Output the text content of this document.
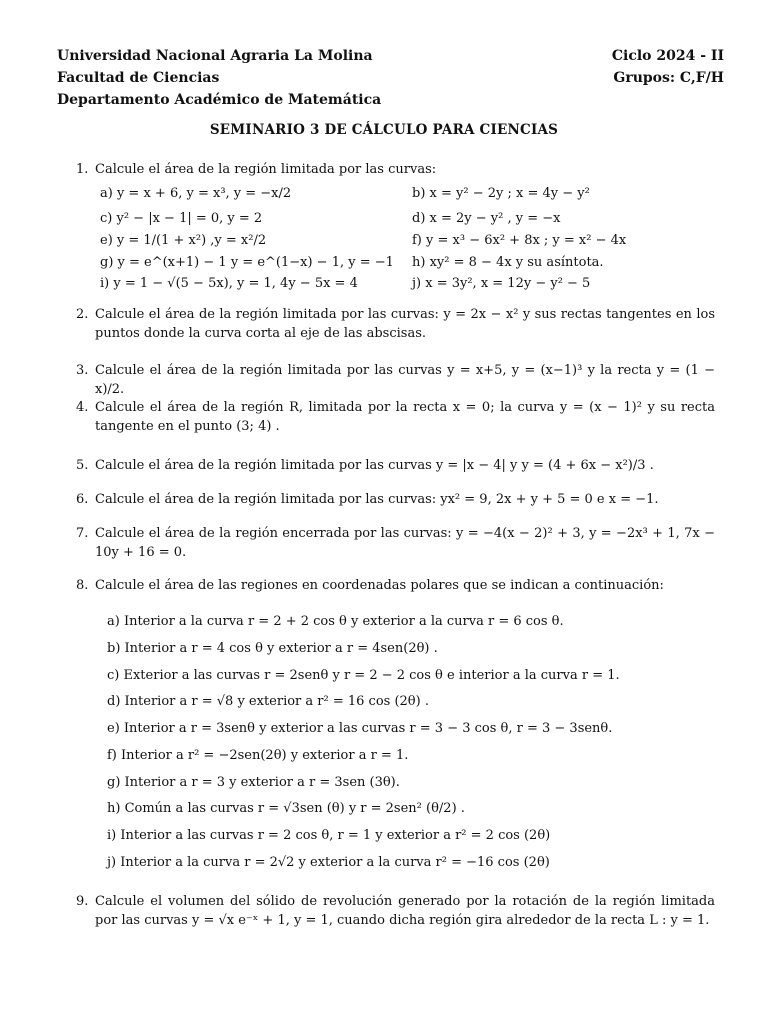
Universidad Nacional Agraria La Molina
Facultad de Ciencias
Departamento Académico de Matemática
Ciclo 2024 - II
Grupos: C,F/H
SEMINARIO 3 DE CÁLCULO PARA CIENCIAS
1. Calcule el área de la región limitada por las curvas:
a) y = x + 6, y = x³, y = −x/2
c) y² − |x − 1| = 0, y = 2
e) y = 1/(1 + x²) ,y = x²/2
g) y = e^(x+1) − 1 y = e^(1−x) − 1, y = −1
i) y = 1 − √(5 − 5x), y = 1, 4y − 5x = 4
b) x = y² − 2y ; x = 4y − y²
d) x = 2y − y² , y = −x
f) y = x³ − 6x² + 8x ; y = x² − 4x
h) xy² = 8 − 4x y su asíntota.
j) x = 3y², x = 12y − y² − 5
2. Calcule el área de la región limitada por las curvas: y = 2x − x² y sus rectas tangentes en los puntos donde la curva corta al eje de las abscisas.
3. Calcule el área de la región limitada por las curvas y = x+5, y = (x−1)³ y la recta y = (1 − x)/2.
4. Calcule el área de la región R, limitada por la recta x = 0; la curva y = (x − 1)² y su recta tangente en el punto (3; 4) .
5. Calcule el área de la región limitada por las curvas y = |x − 4| y y = (4 + 6x − x²)/3 .
6. Calcule el área de la región limitada por las curvas: yx² = 9, 2x + y + 5 = 0 e x = −1.
7. Calcule el área de la región encerrada por las curvas: y = −4(x − 2)² + 3, y = −2x³ + 1, 7x − 10y + 16 = 0.
8. Calcule el área de las regiones en coordenadas polares que se indican a continuación:
a) Interior a la curva r = 2 + 2 cos θ y exterior a la curva r = 6 cos θ.
b) Interior a r = 4 cos θ y exterior a r = 4sen(2θ) .
c) Exterior a las curvas r = 2senθ y r = 2 − 2 cos θ e interior a la curva r = 1.
d) Interior a r = √8 y exterior a r² = 16 cos (2θ) .
e) Interior a r = 3senθ y exterior a las curvas r = 3 − 3 cos θ, r = 3 − 3senθ.
f) Interior a r² = −2sen(2θ) y exterior a r = 1.
g) Interior a r = 3 y exterior a r = 3sen (3θ).
h) Común a las curvas r = √3sen (θ) y r = 2sen² (θ/2) .
i) Interior a las curvas r = 2 cos θ, r = 1 y exterior a r² = 2 cos (2θ)
j) Interior a la curva r = 2√2 y exterior a la curva r² = −16 cos (2θ)
9. Calcule el volumen del sólido de revolución generado por la rotación de la región limitada por las curvas y = √x e⁻ˣ + 1, y = 1, cuando dicha región gira alrededor de la recta L : y = 1.
